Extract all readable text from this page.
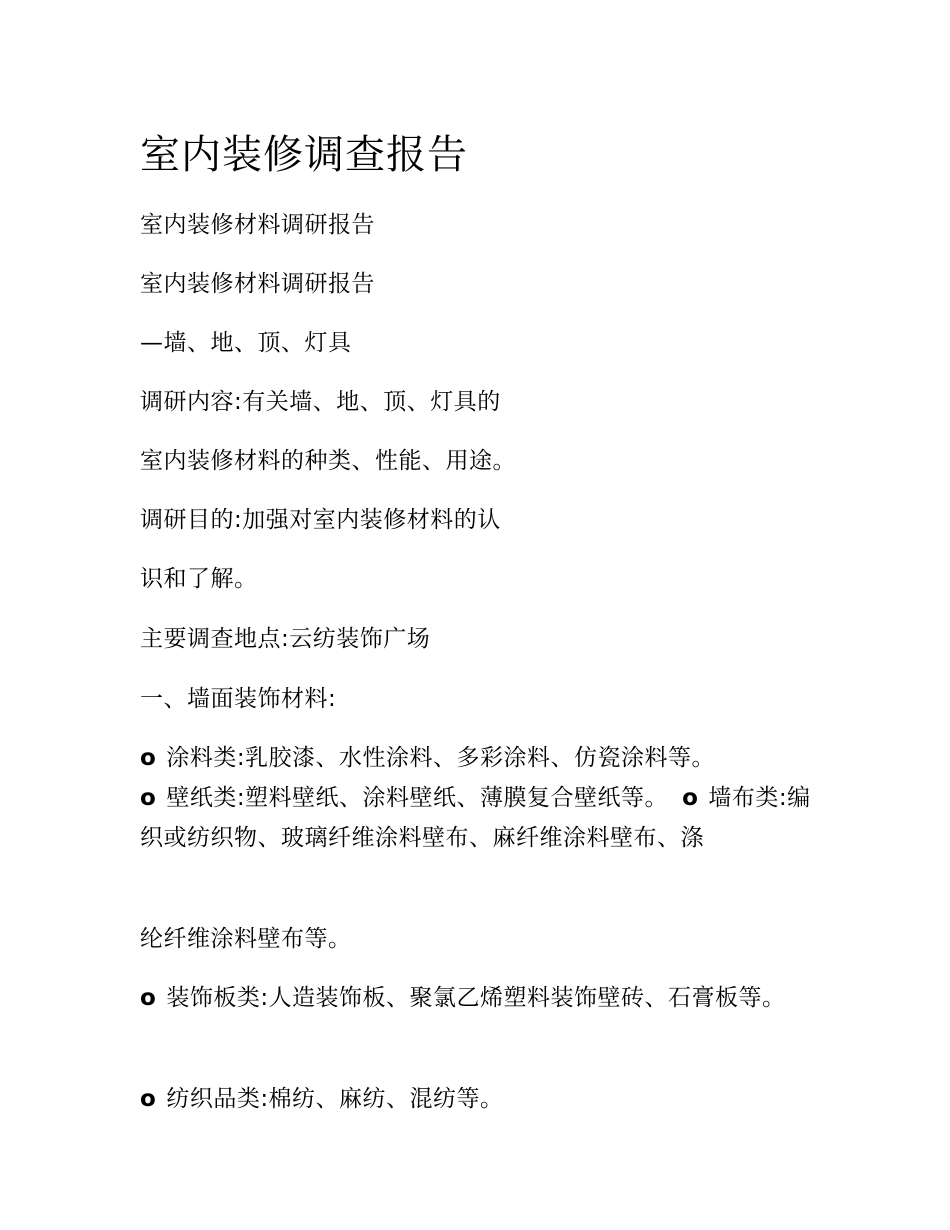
室内装修调查报告

室内装修材料调研报告

室内装修材料调研报告

—墙、地、顶、灯具

调研内容:有关墙、地、顶、灯具的

室内装修材料的种类、性能、用途。

调研目的:加强对室内装修材料的认

识和了解。

主要调查地点:云纺装饰广场

一、墙面装饰材料:

o 涂料类:乳胶漆、水性涂料、多彩涂料、仿瓷涂料等。
o 壁纸类:塑料壁纸、涂料壁纸、薄膜复合壁纸等。 o 墙布类:编织或纺织物、玻璃纤维涂料壁布、麻纤维涂料壁布、涤

纶纤维涂料壁布等。

o 装饰板类:人造装饰板、聚氯乙烯塑料装饰壁砖、石膏板等。

o 纺织品类:棉纺、麻纺、混纺等。
